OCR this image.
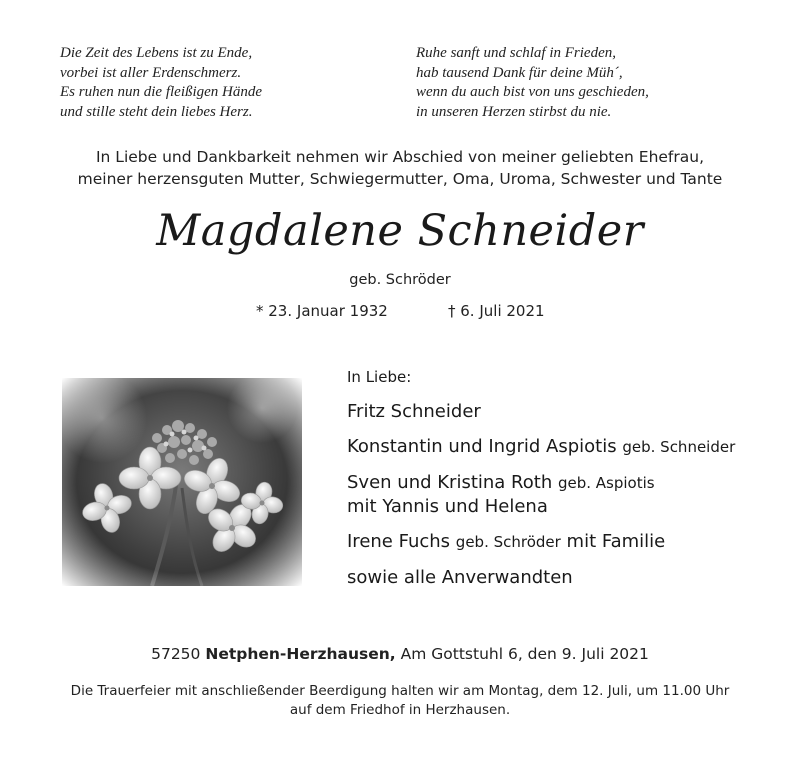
Die Zeit des Lebens ist zu Ende,
vorbei ist aller Erdenschmerz.
Es ruhen nun die fleißigen Hände
und stille steht dein liebes Herz.
Ruhe sanft und schlaf in Frieden,
hab tausend Dank für deine Müh´,
wenn du auch bist von uns geschieden,
in unseren Herzen stirbst du nie.
In Liebe und Dankbarkeit nehmen wir Abschied von meiner geliebten Ehefrau,
meiner herzensguten Mutter, Schwiegermutter, Oma, Uroma, Schwester und Tante
Magdalene Schneider
geb. Schröder
* 23. Januar 1932	† 6. Juli 2021
In Liebe:
Fritz Schneider
Konstantin und Ingrid Aspiotis geb. Schneider
Sven und Kristina Roth geb. Aspiotis
mit Yannis und Helena
Irene Fuchs geb. Schröder mit Familie
sowie alle Anverwandten
57250 Netphen-Herzhausen, Am Gottstuhl 6, den 9. Juli 2021
Die Trauerfeier mit anschließender Beerdigung halten wir am Montag, dem 12. Juli, um 11.00 Uhr
auf dem Friedhof in Herzhausen.
